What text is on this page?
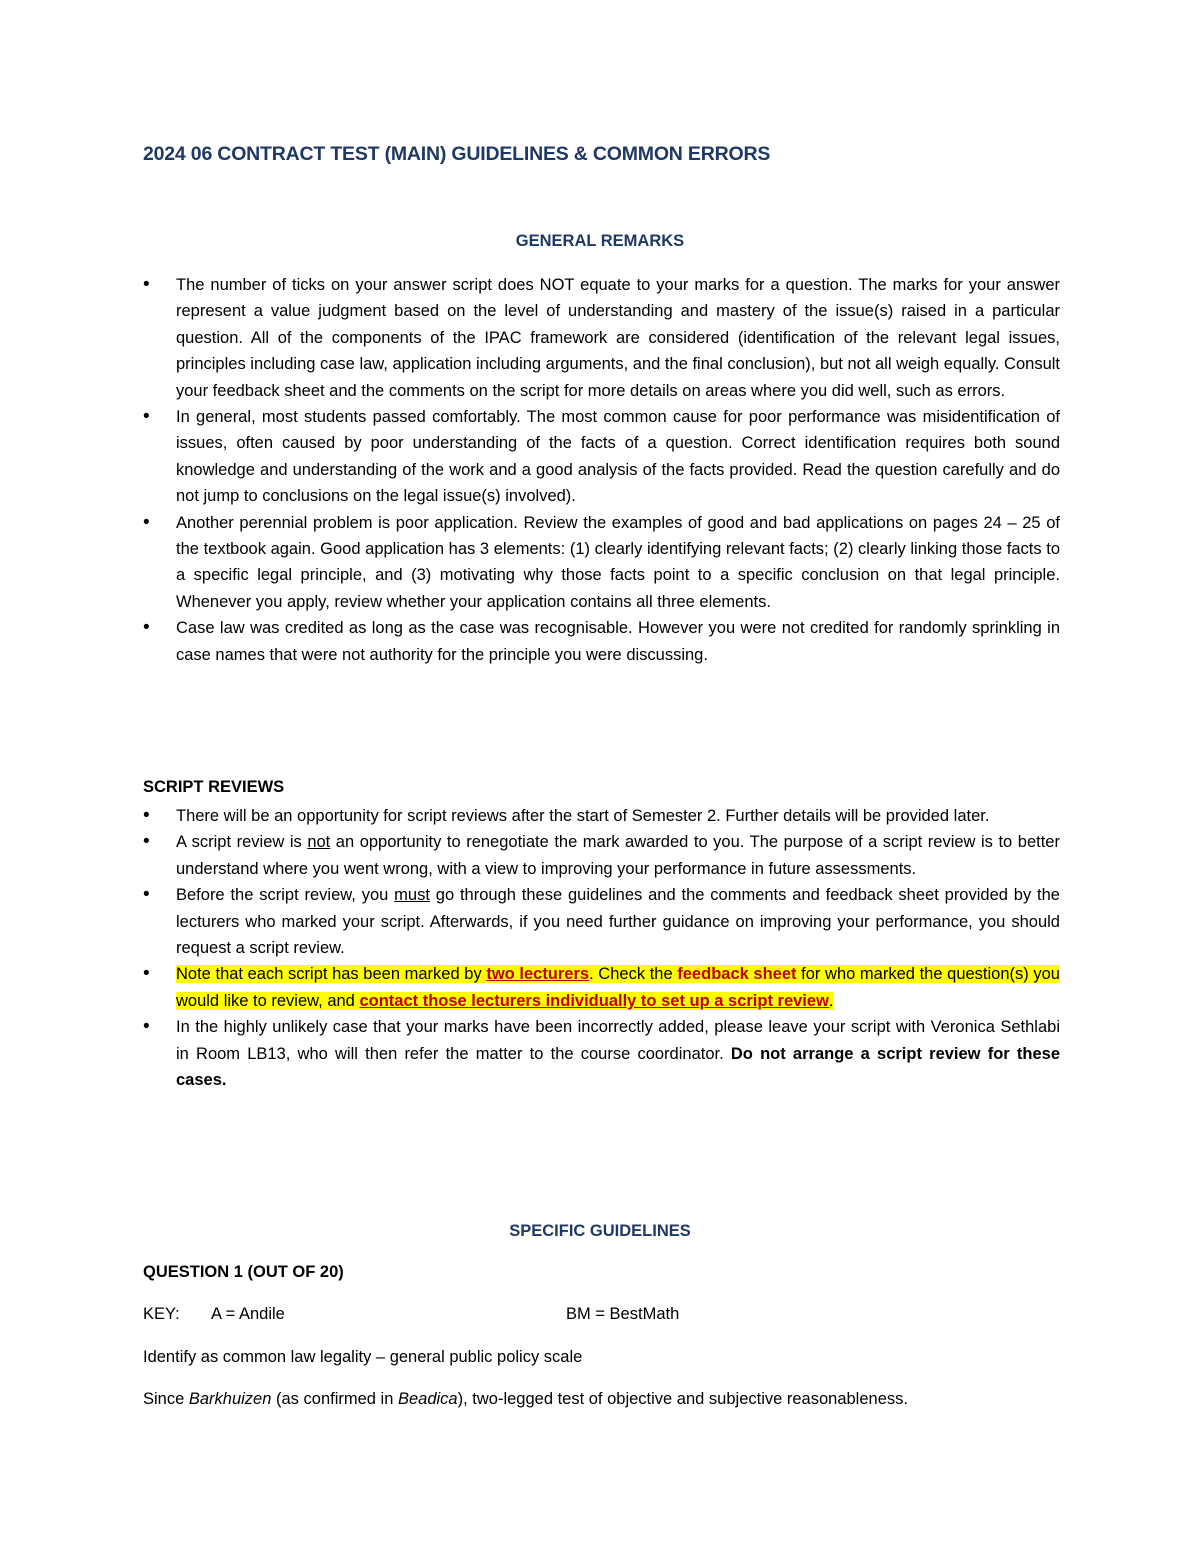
2024 06 CONTRACT TEST (MAIN) GUIDELINES & COMMON ERRORS
GENERAL REMARKS
• The number of ticks on your answer script does NOT equate to your marks for a question. The marks for your answer represent a value judgment based on the level of understanding and mastery of the issue(s) raised in a particular question. All of the components of the IPAC framework are considered (identification of the relevant legal issues, principles including case law, application including arguments, and the final conclusion), but not all weigh equally. Consult your feedback sheet and the comments on the script for more details on areas where you did well, such as errors.
• In general, most students passed comfortably. The most common cause for poor performance was misidentification of issues, often caused by poor understanding of the facts of a question. Correct identification requires both sound knowledge and understanding of the work and a good analysis of the facts provided. Read the question carefully and do not jump to conclusions on the legal issue(s) involved).
• Another perennial problem is poor application. Review the examples of good and bad applications on pages 24 – 25 of the textbook again. Good application has 3 elements: (1) clearly identifying relevant facts; (2) clearly linking those facts to a specific legal principle, and (3) motivating why those facts point to a specific conclusion on that legal principle. Whenever you apply, review whether your application contains all three elements.
• Case law was credited as long as the case was recognisable. However you were not credited for randomly sprinkling in case names that were not authority for the principle you were discussing.
SCRIPT REVIEWS
• There will be an opportunity for script reviews after the start of Semester 2. Further details will be provided later.
• A script review is not an opportunity to renegotiate the mark awarded to you. The purpose of a script review is to better understand where you went wrong, with a view to improving your performance in future assessments.
• Before the script review, you must go through these guidelines and the comments and feedback sheet provided by the lecturers who marked your script. Afterwards, if you need further guidance on improving your performance, you should request a script review.
• Note that each script has been marked by two lecturers. Check the feedback sheet for who marked the question(s) you would like to review, and contact those lecturers individually to set up a script review.
• In the highly unlikely case that your marks have been incorrectly added, please leave your script with Veronica Sethlabi in Room LB13, who will then refer the matter to the course coordinator. Do not arrange a script review for these cases.
SPECIFIC GUIDELINES
QUESTION 1 (OUT OF 20)
KEY: A = Andile	BM = BestMath
Identify as common law legality – general public policy scale
Since Barkhuizen (as confirmed in Beadica), two-legged test of objective and subjective reasonableness.
